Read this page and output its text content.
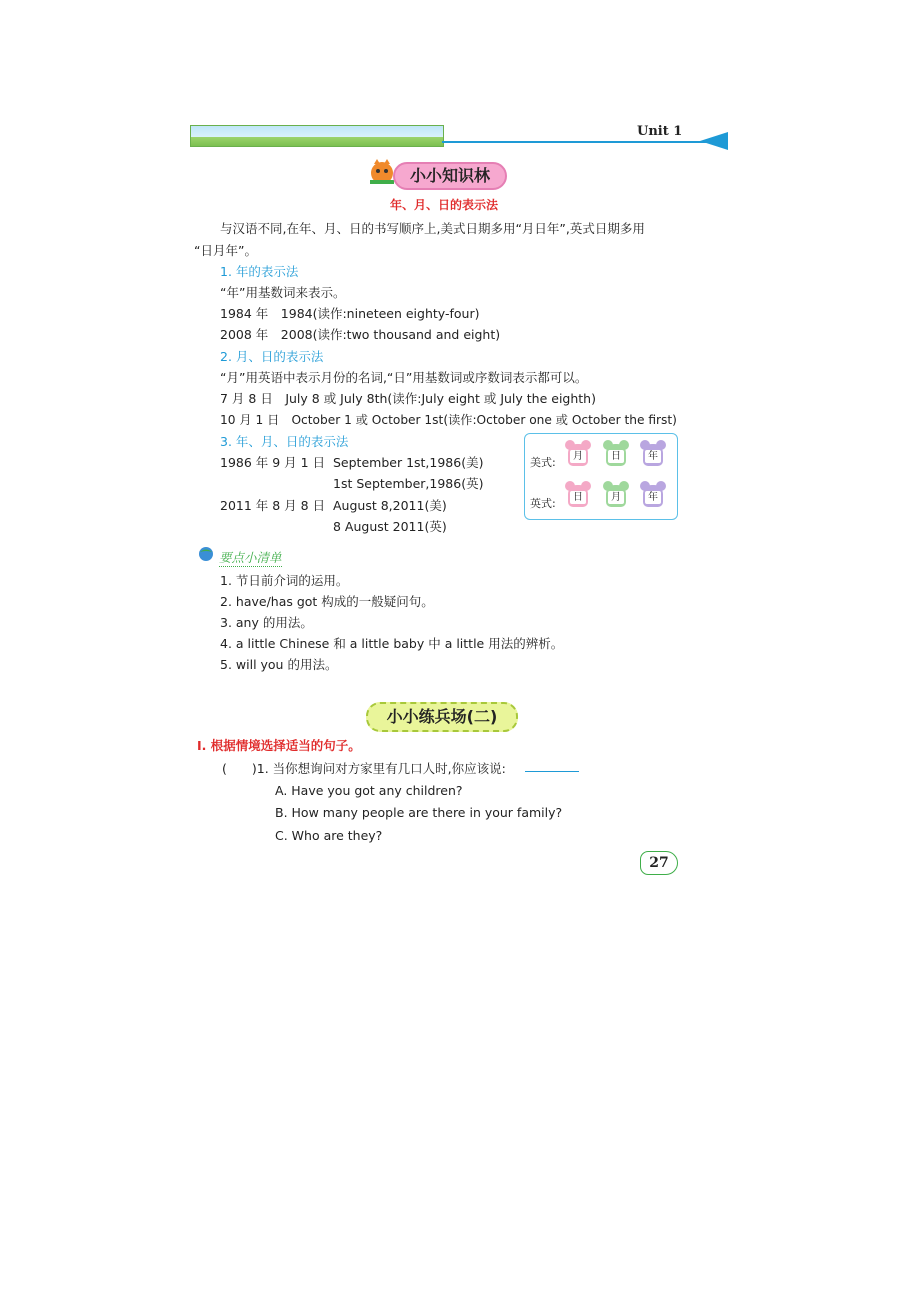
Unit 1
小小知识林
年、月、日的表示法
与汉语不同,在年、月、日的书写顺序上,美式日期多用“月日年”,英式日期多用
“日月年”。
1. 年的表示法
“年”用基数词来表示。
1984 年　1984(读作:nineteen eighty-four)
2008 年　2008(读作:two thousand and eight)
2. 月、日的表示法
“月”用英语中表示月份的名词,“日”用基数词或序数词表示都可以。
7 月 8 日　July 8 或 July 8th(读作:July eight 或 July the eighth)
10 月 1 日　October 1 或 October 1st(读作:October one 或 October the first)
3. 年、月、日的表示法
1986 年 9 月 1 日 September 1st,1986(美)
1st September,1986(英)
2011 年 8 月 8 日 August 8,2011(美)
8 August 2011(英)
美式:
英式:
月	日	年
日	月	年
要点小清单
1. 节日前介词的运用。
2. have/has got 构成的一般疑问句。
3. any 的用法。
4. a little Chinese 和 a little baby 中 a little 用法的辨析。
5. will you 的用法。
小小练兵场(二)
Ⅰ. 根据情境选择适当的句子。
(　　)1. 当你想询问对方家里有几口人时,你应该说:
A. Have you got any children?
B. How many people are there in your family?
C. Who are they?
27
